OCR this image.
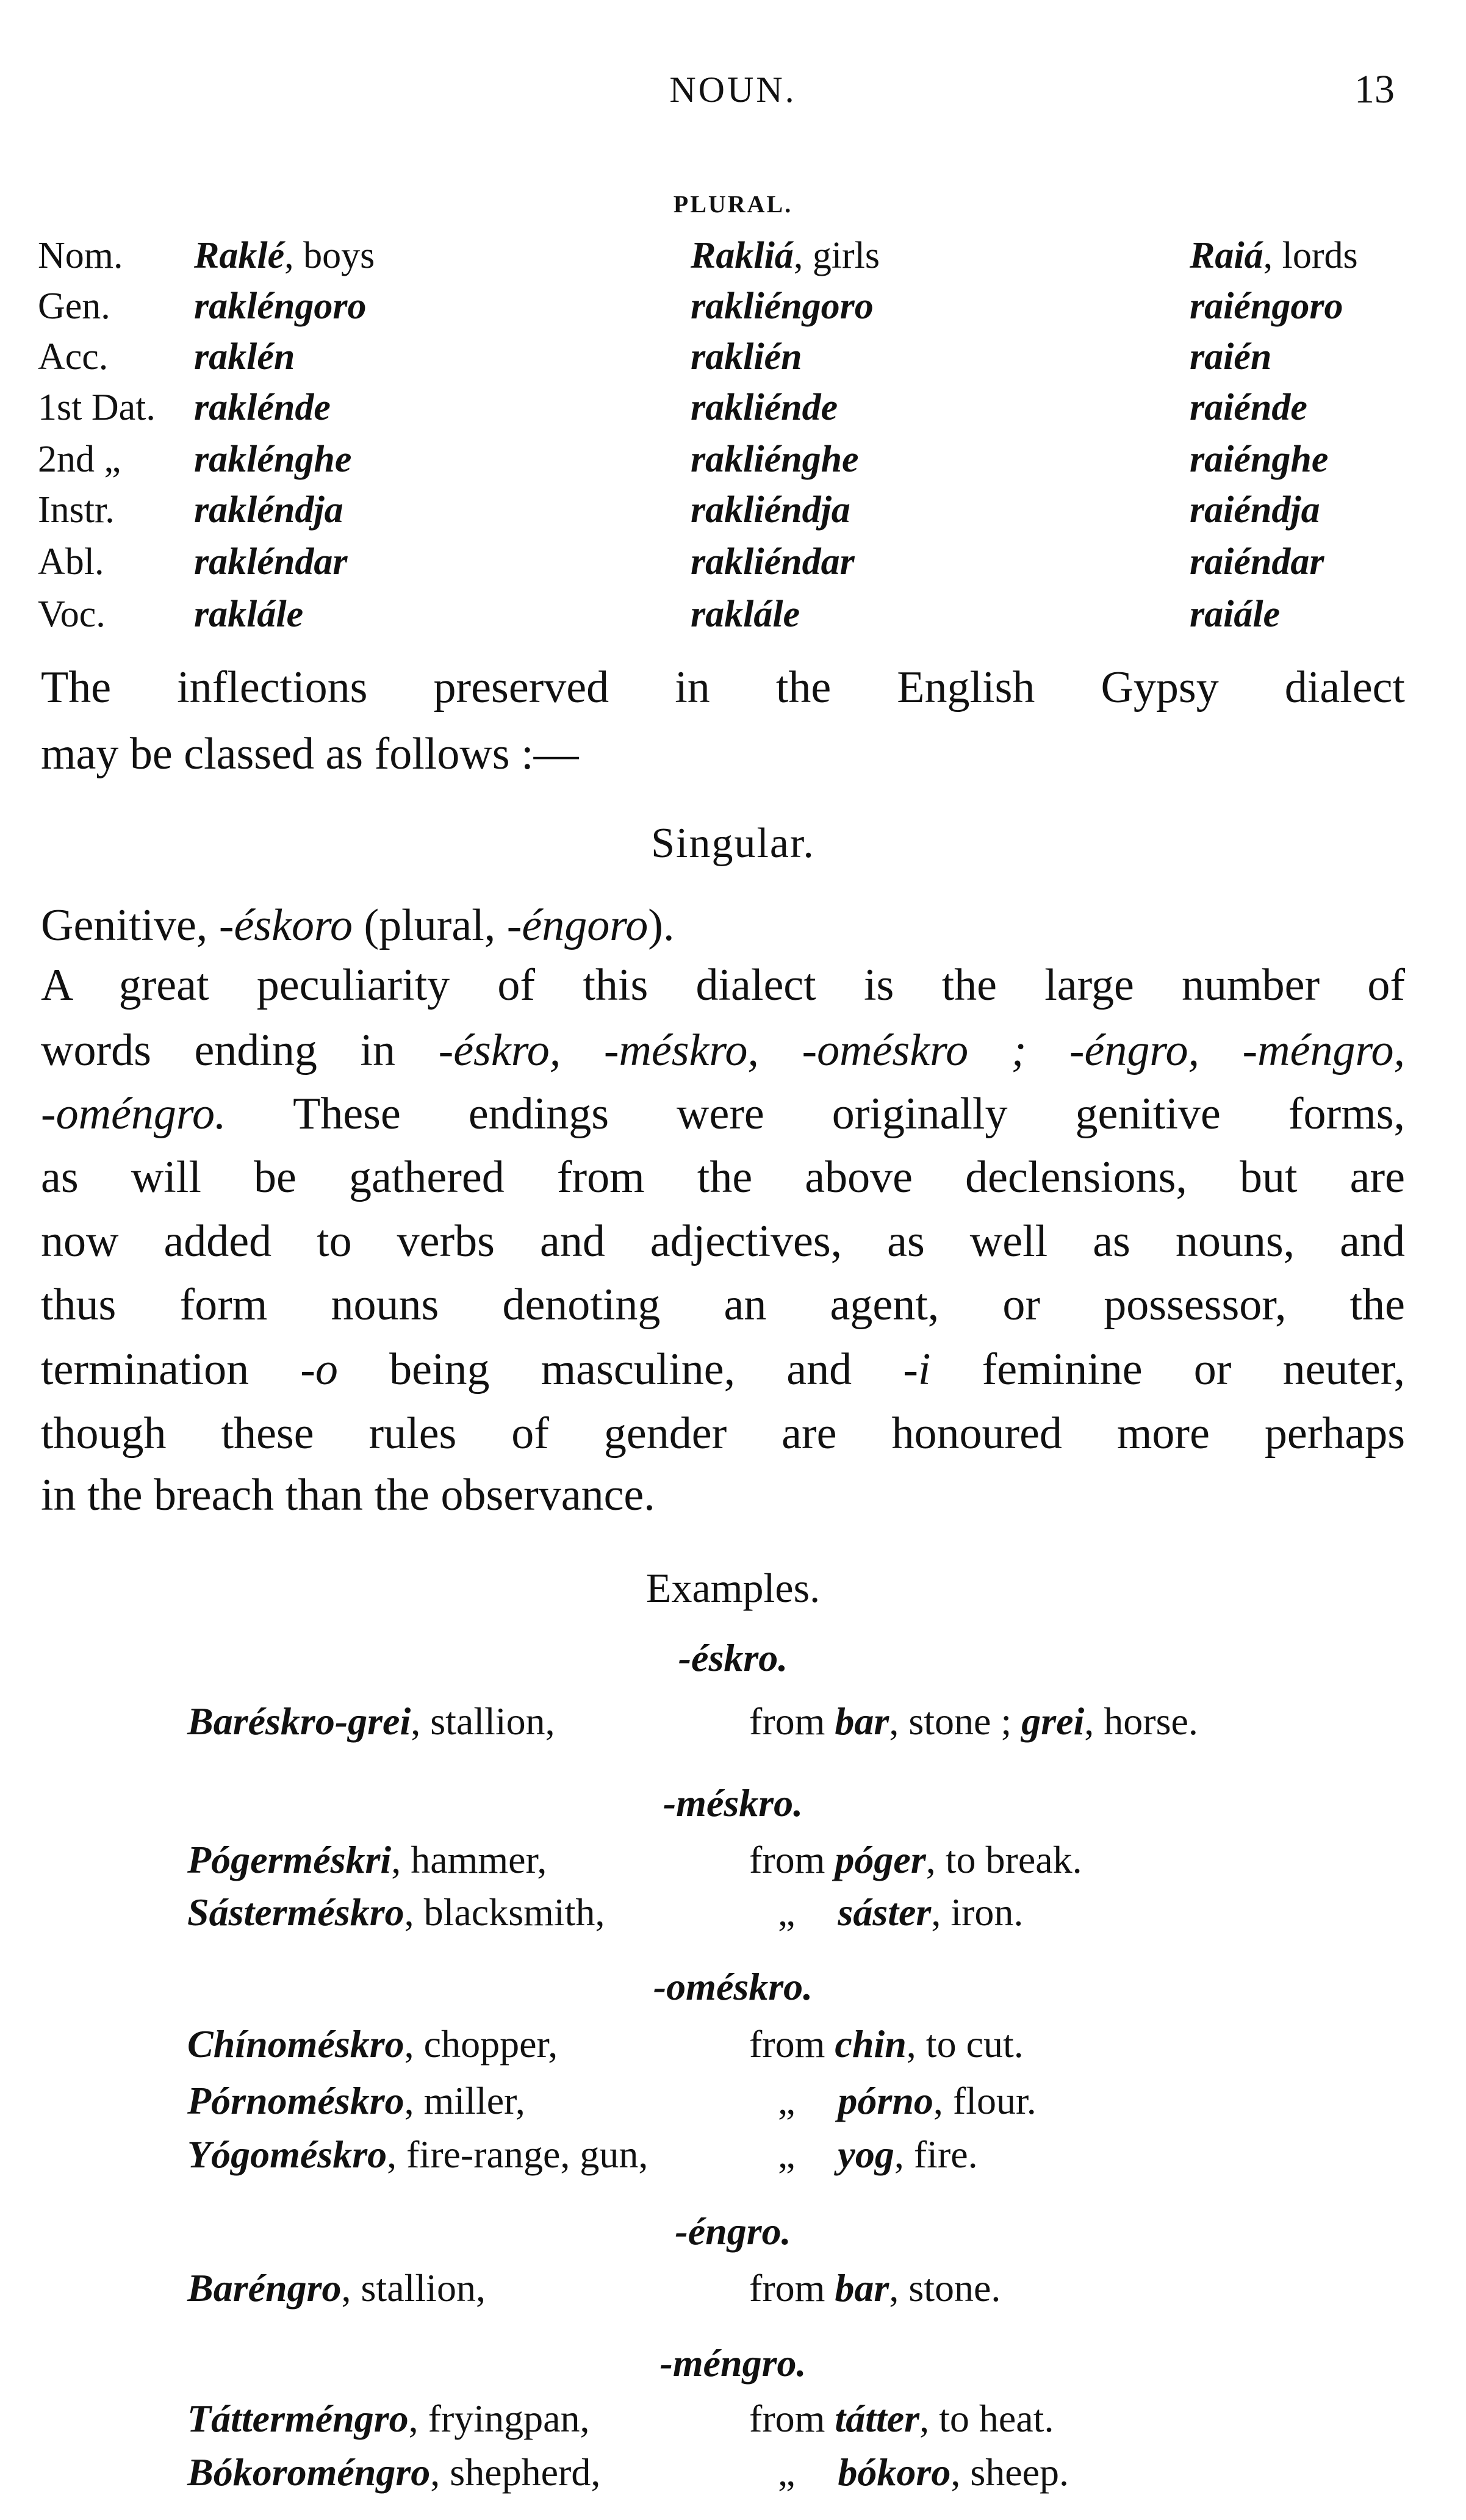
NOUN.	13
PLURAL.
Nom. Raklé, boys	Rakliá, girls	Raiá, lords
Gen. rakléngoro	rakliéngoro	raiéngoro
Acc. raklén	raklién	raién
1st Dat. raklénde	rakliénde	raiénde
2nd „ raklénghe	rakliénghe	raiénghe
Instr. rakléndja	rakliéndja	raiéndja
Abl. rakléndar	rakliéndar	raiéndar
Voc. raklále	raklále	raiále
The inflections preserved in the English Gypsy dialect
may be classed as follows :—
Singular.
Genitive, -éskoro (plural, -éngoro).
A great peculiarity of this dialect is the large number of
words ending in -éskro, -méskro, -oméskro ; -éngro, -méngro,
-oméngro. These endings were originally genitive forms,
as will be gathered from the above declensions, but are
now added to verbs and adjectives, as well as nouns, and
thus form nouns denoting an agent, or possessor, the
termination -o being masculine, and -i feminine or neuter,
though these rules of gender are honoured more perhaps
in the breach than the observance.
Examples.
-éskro.
Baréskro-grei, stallion,	from bar, stone ; grei, horse.
-méskro.
Pógerméskri, hammer,	from póger, to break.
Sásterméskro, blacksmith,	„ sáster, iron.
-oméskro.
Chínoméskro, chopper,	from chin, to cut.
Pórnoméskro, miller,	„ pórno, flour.
Yógoméskro, fire-range, gun,	„ yog, fire.
-éngro.
Baréngro, stallion,	from bar, stone.
-méngro.
Tátterméngro, fryingpan,	from tátter, to heat.
Bókoroméngro, shepherd,	„ bókoro, sheep.
